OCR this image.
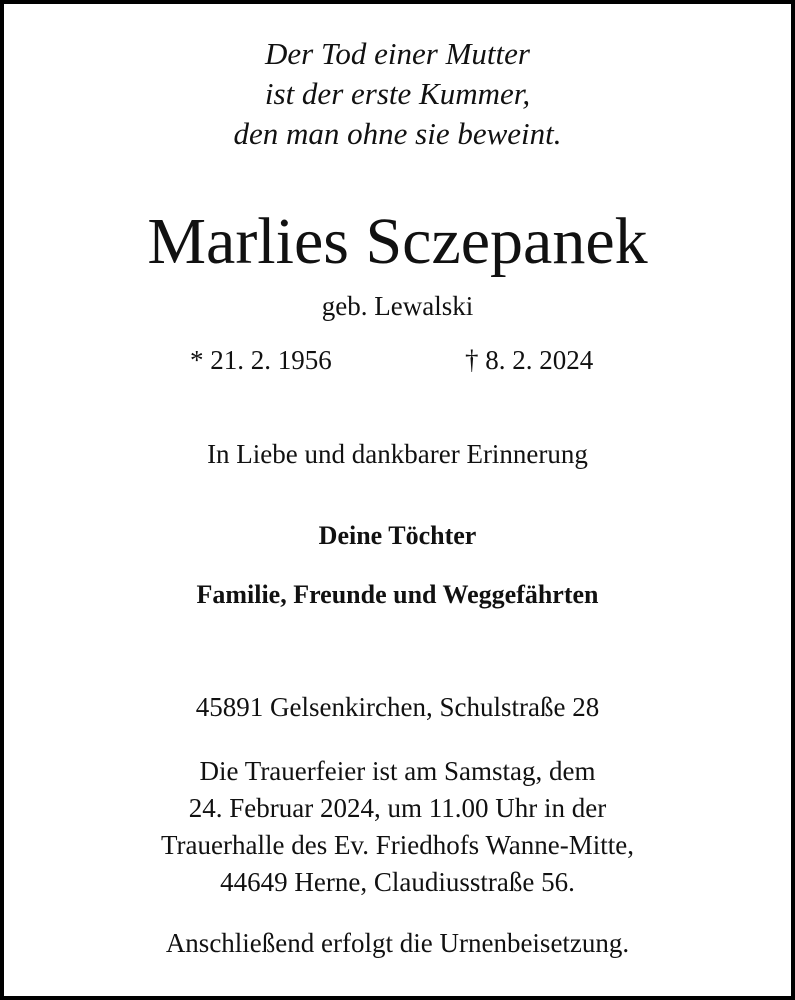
Der Tod einer Mutter
ist der erste Kummer,
den man ohne sie beweint.
Marlies Sczepanek
geb. Lewalski
* 21. 2. 1956	† 8. 2. 2024
In Liebe und dankbarer Erinnerung
Deine Töchter
Familie, Freunde und Weggefährten
45891 Gelsenkirchen, Schulstraße 28
Die Trauerfeier ist am Samstag, dem
24. Februar 2024, um 11.00 Uhr in der
Trauerhalle des Ev. Friedhofs Wanne-Mitte,
44649 Herne, Claudiusstraße 56.
Anschließend erfolgt die Urnenbeisetzung.
